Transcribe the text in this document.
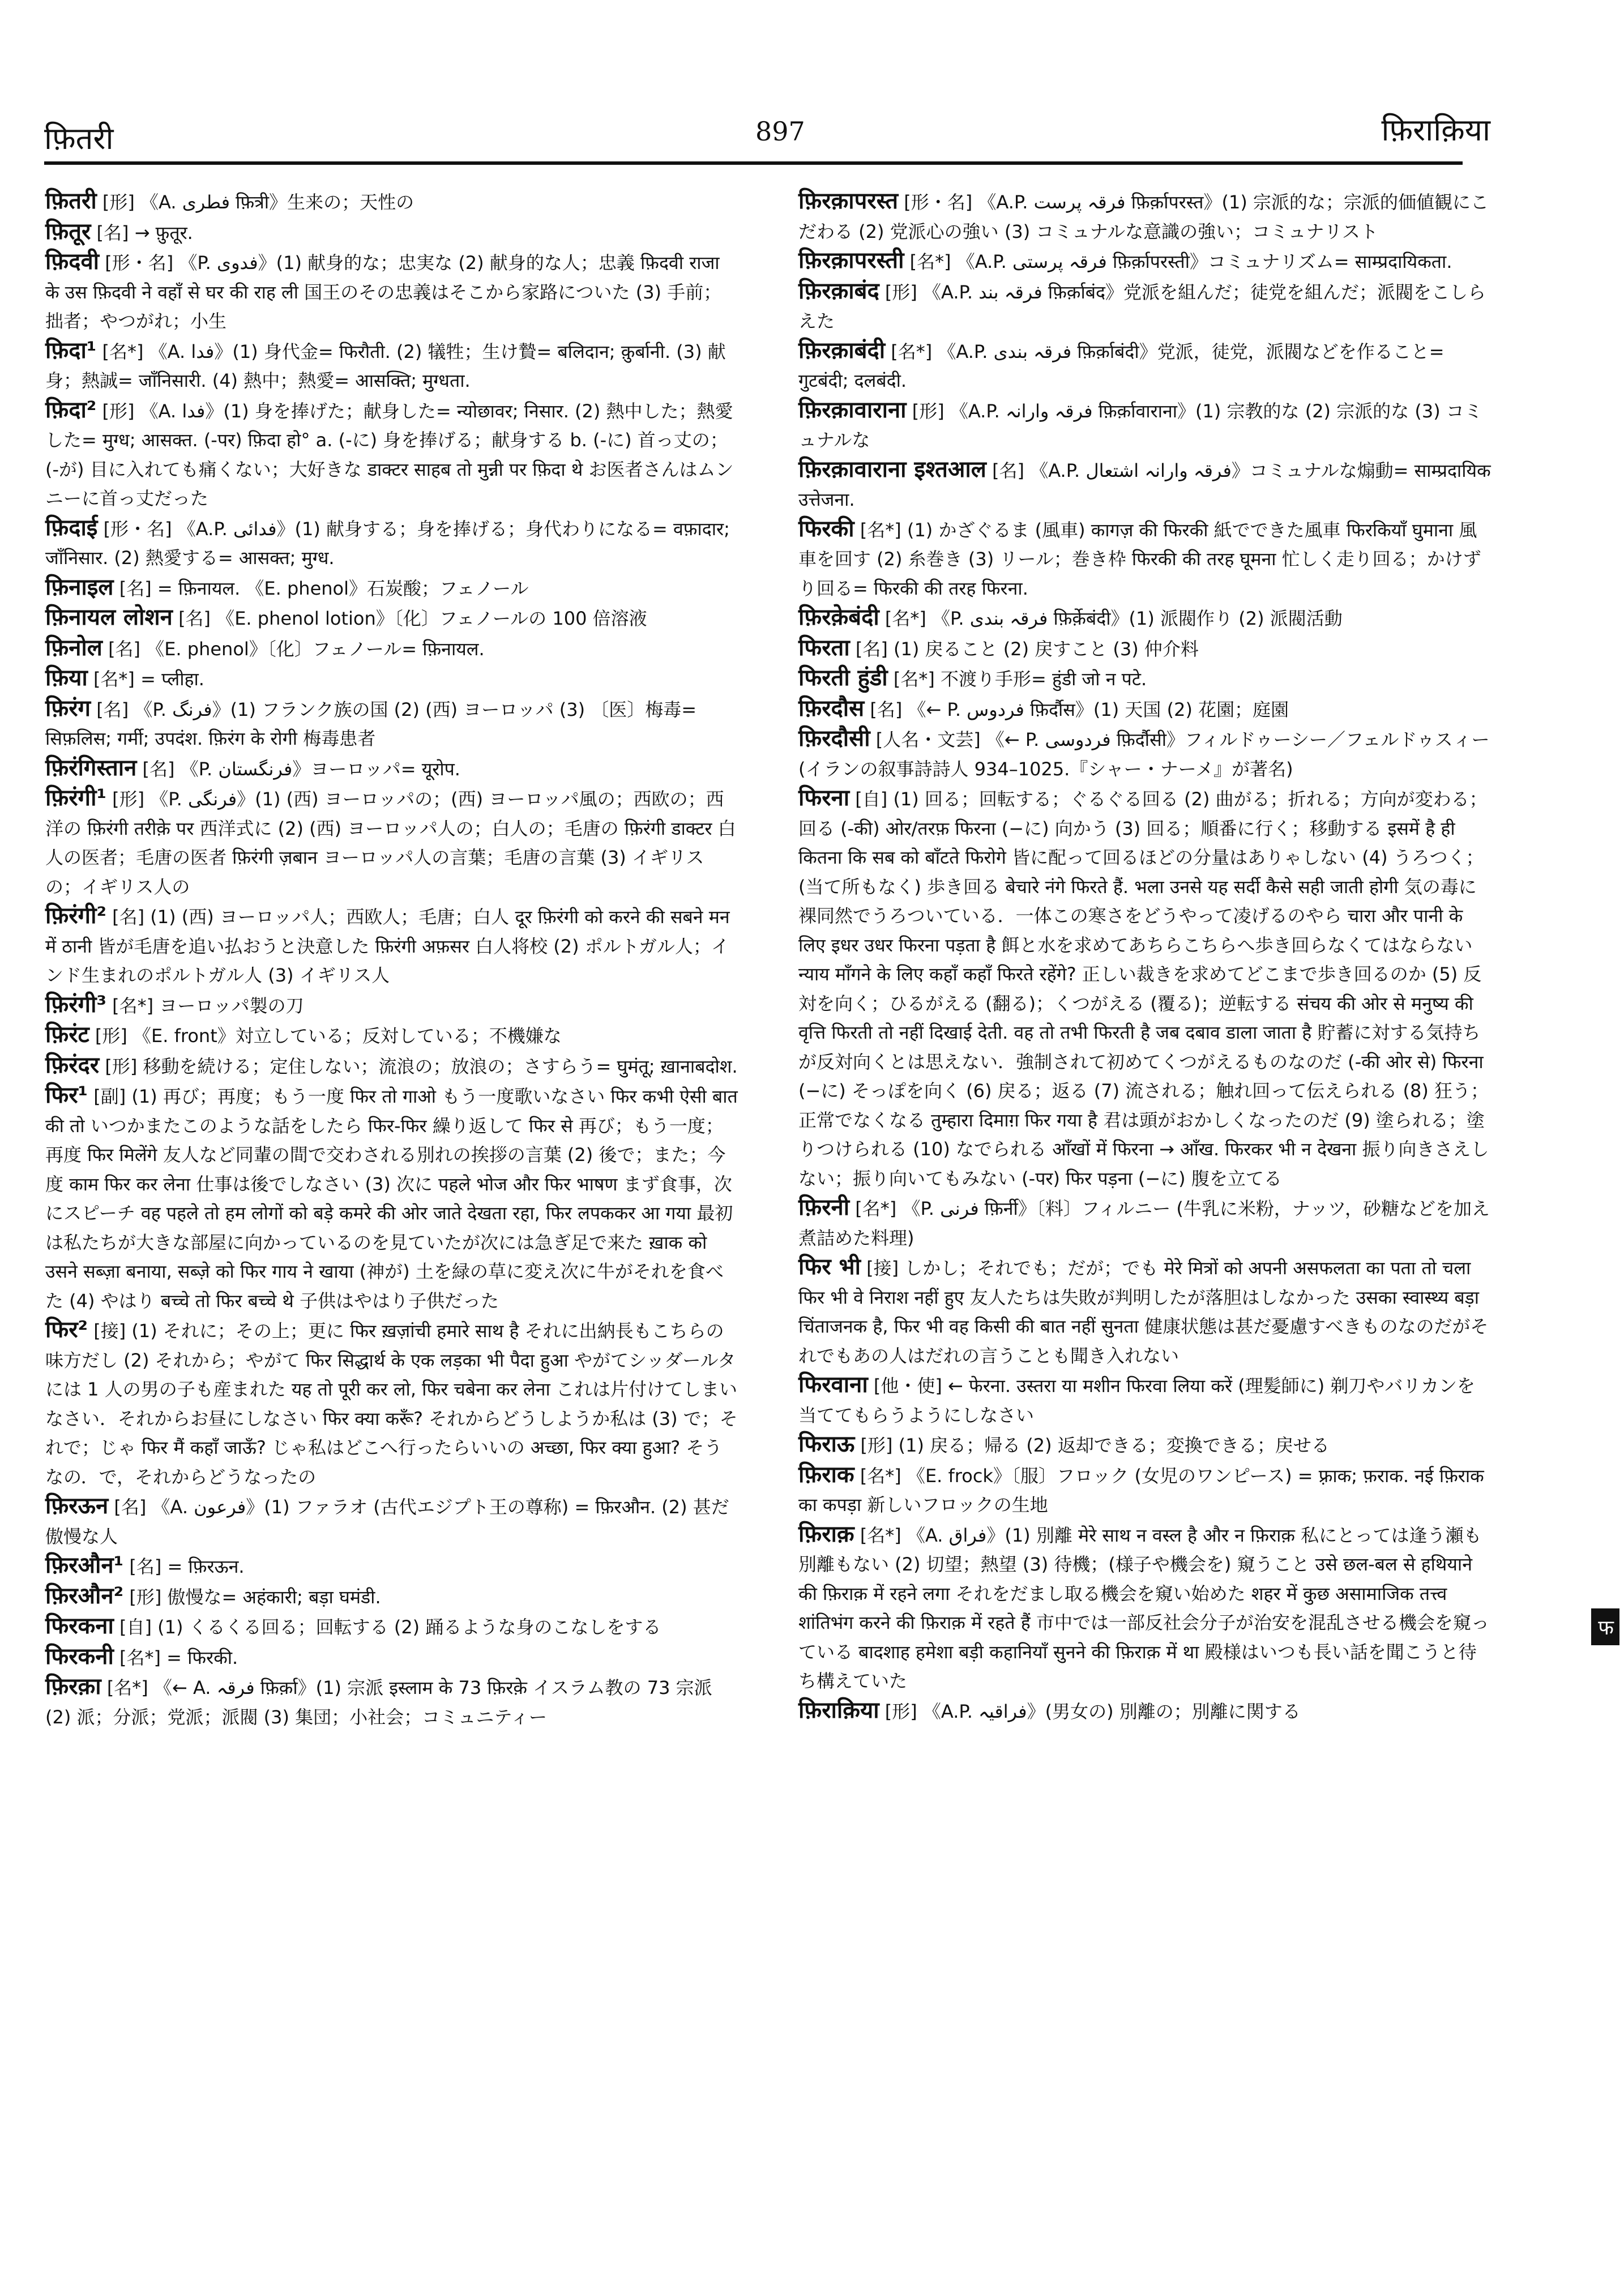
फ़ितरी	897	फ़िराक़िया
फ़ितरी [形] 《A. فطری फ़ित्री》生来の；天性の
फ़ितूर [名] → फ़ुतूर.
फ़िदवी [形・名] 《P. فدوی》(1) 献身的な；忠実な (2) 献身的な人；忠義 फ़िदवी राजा के उस फ़िदवी ने वहाँ से घर की राह ली 国王のその忠義はそこから家路についた (3) 手前；拙者；やつがれ；小生
फ़िदा¹ [名*] 《A. فدا》(1) 身代金= फिरौती. (2) 犠牲；生け贄= बलिदान; क़ुर्बानी. (3) 献身；熱誠= जाँनिसारी. (4) 熱中；熱愛= आसक्ति; मुग्धता.
फ़िदा² [形] 《A. فدا》(1) 身を捧げた；献身した= न्योछावर; निसार. (2) 熱中した；熱愛した= मुग्ध; आसक्त. (-पर) फ़िदा हो° a. (-に) 身を捧げる；献身する b. (-に) 首っ丈の；(-が) 目に入れても痛くない；大好きな डाक्टर साहब तो मुन्नी पर फ़िदा थे お医者さんはムンニーに首っ丈だった
फ़िदाई [形・名] 《A.P. فدائی》(1) 献身する；身を捧げる；身代わりになる= वफ़ादार; जाँनिसार. (2) 熱愛する= आसक्त; मुग्ध.
फ़िनाइल [名] = फ़िनायल. 《E. phenol》石炭酸；フェノール
फ़िनायल लोशन [名] 《E. phenol lotion》〔化〕フェノールの 100 倍溶液
फ़िनोल [名] 《E. phenol》〔化〕フェノール= फ़िनायल.
फ़िया [名*] = प्लीहा.
फ़िरंग [名] 《P. فرنگ》(1) フランク族の国 (2) (西) ヨーロッパ (3) 〔医〕梅毒= सिफ़लिस; गर्मी; उपदंश. फ़िरंग के रोगी 梅毒患者
फ़िरंगिस्तान [名] 《P. فرنگستان》ヨーロッパ= यूरोप.
फ़िरंगी¹ [形] 《P. فرنگی》(1) (西) ヨーロッパの；(西) ヨーロッパ風の；西欧の；西洋の फ़िरंगी तरीक़े पर 西洋式に (2) (西) ヨーロッパ人の；白人の；毛唐の फ़िरंगी डाक्टर 白人の医者；毛唐の医者 फ़िरंगी ज़बान ヨーロッパ人の言葉；毛唐の言葉 (3) イギリスの；イギリス人の
फ़िरंगी² [名] (1) (西) ヨーロッパ人；西欧人；毛唐；白人 दूर फ़िरंगी को करने की सबने मन में ठानी 皆が毛唐を追い払おうと決意した फ़िरंगी अफ़सर 白人将校 (2) ポルトガル人；インド生まれのポルトガル人 (3) イギリス人
फ़िरंगी³ [名*] ヨーロッパ製の刀
फ़िरंट [形] 《E. front》対立している；反対している；不機嫌な
फ़िरंदर [形] 移動を続ける；定住しない；流浪の；放浪の；さすらう= घुमंतू; ख़ानाबदोश.
फिर¹ [副] (1) 再び；再度；もう一度 फिर तो गाओ もう一度歌いなさい फिर कभी ऐसी बात की तो いつかまたこのような話をしたら फिर-फिर 繰り返して फिर से 再び；もう一度；再度 फिर मिलेंगे 友人など同輩の間で交わされる別れの挨拶の言葉 (2) 後で；また；今度 काम फिर कर लेना 仕事は後でしなさい (3) 次に पहले भोज और फिर भाषण まず食事，次にスピーチ वह पहले तो हम लोगों को बड़े कमरे की ओर जाते देखता रहा, फिर लपककर आ गया 最初は私たちが大きな部屋に向かっているのを見ていたが次には急ぎ足で来た ख़ाक को उसने सब्ज़ा बनाया, सब्ज़े को फिर गाय ने खाया (神が) 土を緑の草に変え次に牛がそれを食べた (4) やはり बच्चे तो फिर बच्चे थे 子供はやはり子供だった
फिर² [接] (1) それに；その上；更に फिर ख़ज़ांची हमारे साथ है それに出納長もこちらの味方だし (2) それから；やがて फिर सिद्धार्थ के एक लड़का भी पैदा हुआ やがてシッダールタには 1 人の男の子も産まれた यह तो पूरी कर लो, फिर चबेना कर लेना これは片付けてしまいなさい．それからお昼にしなさい फिर क्या करूँ? それからどうしようか私は (3) で；それで；じゃ फिर मैं कहाँ जाऊँ? じゃ私はどこへ行ったらいいの अच्छा, फिर क्या हुआ? そうなの．で，それからどうなったの
फ़िरऊन [名] 《A. فرعون》(1) ファラオ (古代エジプト王の尊称) = फ़िरऔन. (2) 甚だ傲慢な人
फ़िरऔन¹ [名] = फ़िरऊन.
फ़िरऔन² [形] 傲慢な= अहंकारी; बड़ा घमंडी.
फिरकना [自] (1) くるくる回る；回転する (2) 踊るような身のこなしをする
फिरकनी [名*] = फिरकी.
फ़िरक़ा [名*] 《← A. فرقہ फ़िर्क़ा》(1) 宗派 इस्लाम के 73 फ़िरक़े イスラム教の 73 宗派 (2) 派；分派；党派；派閥 (3) 集団；小社会；コミュニティー
फ़िरक़ापरस्त [形・名] 《A.P. فرقہ پرست फ़िर्क़ापरस्त》(1) 宗派的な；宗派的価値観にこだわる (2) 党派心の強い (3) コミュナルな意識の強い；コミュナリスト
फ़िरक़ापरस्ती [名*] 《A.P. فرقہ پرستی फ़िर्क़ापरस्ती》コミュナリズム= साम्प्रदायिकता.
फ़िरक़ाबंद [形] 《A.P. فرقہ بند फ़िर्क़ाबंद》党派を組んだ；徒党を組んだ；派閥をこしらえた
फ़िरक़ाबंदी [名*] 《A.P. فرقہ بندی फ़िर्क़ाबंदी》党派，徒党，派閥などを作ること= गुटबंदी; दलबंदी.
फ़िरक़ावाराना [形] 《A.P. فرقہ وارانہ फ़िर्क़ावाराना》(1) 宗教的な (2) 宗派的な (3) コミュナルな
फ़िरक़ावाराना इश्तआल [名] 《A.P. فرقہ وارانہ اشتعال》コミュナルな煽動= साम्प्रदायिक उत्तेजना.
फिरकी [名*] (1) かざぐるま (風車) कागज़ की फिरकी 紙でできた風車 फिरकियाँ घुमाना 風車を回す (2) 糸巻き (3) リール；巻き枠 फिरकी की तरह घूमना 忙しく走り回る；かけずり回る= फिरकी की तरह फिरना.
फ़िरक़ेबंदी [名*] 《P. فرقہ بندی फ़िर्क़ेबंदी》(1) 派閥作り (2) 派閥活動
फिरता [名] (1) 戻ること (2) 戻すこと (3) 仲介料
फिरती हुंडी [名*] 不渡り手形= हुंडी जो न पटे.
फ़िरदौस [名] 《← P. فردوس फ़िर्दौस》(1) 天国 (2) 花園；庭園
फ़िरदौसी [人名・文芸] 《← P. فردوسی फ़िर्दौसी》フィルドゥーシー／フェルドゥスィー (イランの叙事詩詩人 934–1025.『シャー・ナーメ』が著名)
फिरना [自] (1) 回る；回転する；ぐるぐる回る (2) 曲がる；折れる；方向が変わる；回る (-की) ओर/तरफ़ फिरना (−に) 向かう (3) 回る；順番に行く；移動する इसमें है ही कितना कि सब को बाँटते फिरोगे 皆に配って回るほどの分量はありゃしない (4) うろつく；(当て所もなく) 歩き回る बेचारे नंगे फिरते हैं. भला उनसे यह सर्दी कैसे सही जाती होगी 気の毒に裸同然でうろついている．一体この寒さをどうやって凌げるのやら चारा और पानी के लिए इधर उधर फिरना पड़ता है 餌と水を求めてあちらこちらへ歩き回らなくてはならない न्याय माँगने के लिए कहाँ कहाँ फिरते रहेंगे? 正しい裁きを求めてどこまで歩き回るのか (5) 反対を向く；ひるがえる (翻る)；くつがえる (覆る)；逆転する संचय की ओर से मनुष्य की वृत्ति फिरती तो नहीं दिखाई देती. वह तो तभी फिरती है जब दबाव डाला जाता है 貯蓄に対する気持ちが反対向くとは思えない．強制されて初めてくつがえるものなのだ (-की ओर से) फिरना (−に) そっぽを向く (6) 戻る；返る (7) 流される；触れ回って伝えられる (8) 狂う；正常でなくなる तुम्हारा दिमाग़ फिर गया है 君は頭がおかしくなったのだ (9) 塗られる；塗りつけられる (10) なでられる आँखों में फिरना → आँख. फिरकर भी न देखना 振り向きさえしない；振り向いてもみない (-पर) फिर पड़ना (−に) 腹を立てる
फ़िरनी [名*] 《P. فرنی फ़िर्नी》〔料〕フィルニー (牛乳に米粉，ナッツ，砂糖などを加え煮詰めた料理)
फिर भी [接] しかし；それでも；だが；でも मेरे मित्रों को अपनी असफलता का पता तो चला फिर भी वे निराश नहीं हुए 友人たちは失敗が判明したが落胆はしなかった उसका स्वास्थ्य बड़ा चिंताजनक है, फिर भी वह किसी की बात नहीं सुनता 健康状態は甚だ憂慮すべきものなのだがそれでもあの人はだれの言うことも聞き入れない
फिरवाना [他・使] ← फेरना. उस्तरा या मशीन फिरवा लिया करें (理髪師に) 剃刀やバリカンを当ててもらうようにしなさい
फिराऊ [形] (1) 戻る；帰る (2) 返却できる；変換できる；戻せる
फ़िराक [名*] 《E. frock》〔服〕フロック (女児のワンピース) = फ़्राक; फ़राक. नई फ़िराक का कपड़ा 新しいフロックの生地
फ़िराक़ [名*] 《A. فراق》(1) 別離 मेरे साथ न वस्ल है और न फ़िराक़ 私にとっては逢う瀬も別離もない (2) 切望；熱望 (3) 待機；(様子や機会を) 窺うこと उसे छल-बल से हथियाने की फ़िराक़ में रहने लगा それをだまし取る機会を窺い始めた शहर में कुछ असामाजिक तत्त्व शांतिभंग करने की फ़िराक़ में रहते हैं 市中では一部反社会分子が治安を混乱させる機会を窺っている बादशाह हमेशा बड़ी कहानियाँ सुनने की फ़िराक़ में था 殿様はいつも長い話を聞こうと待ち構えていた
फ़िराक़िया [形] 《A.P. فراقیہ》(男女の) 別離の；別離に関する
फ
